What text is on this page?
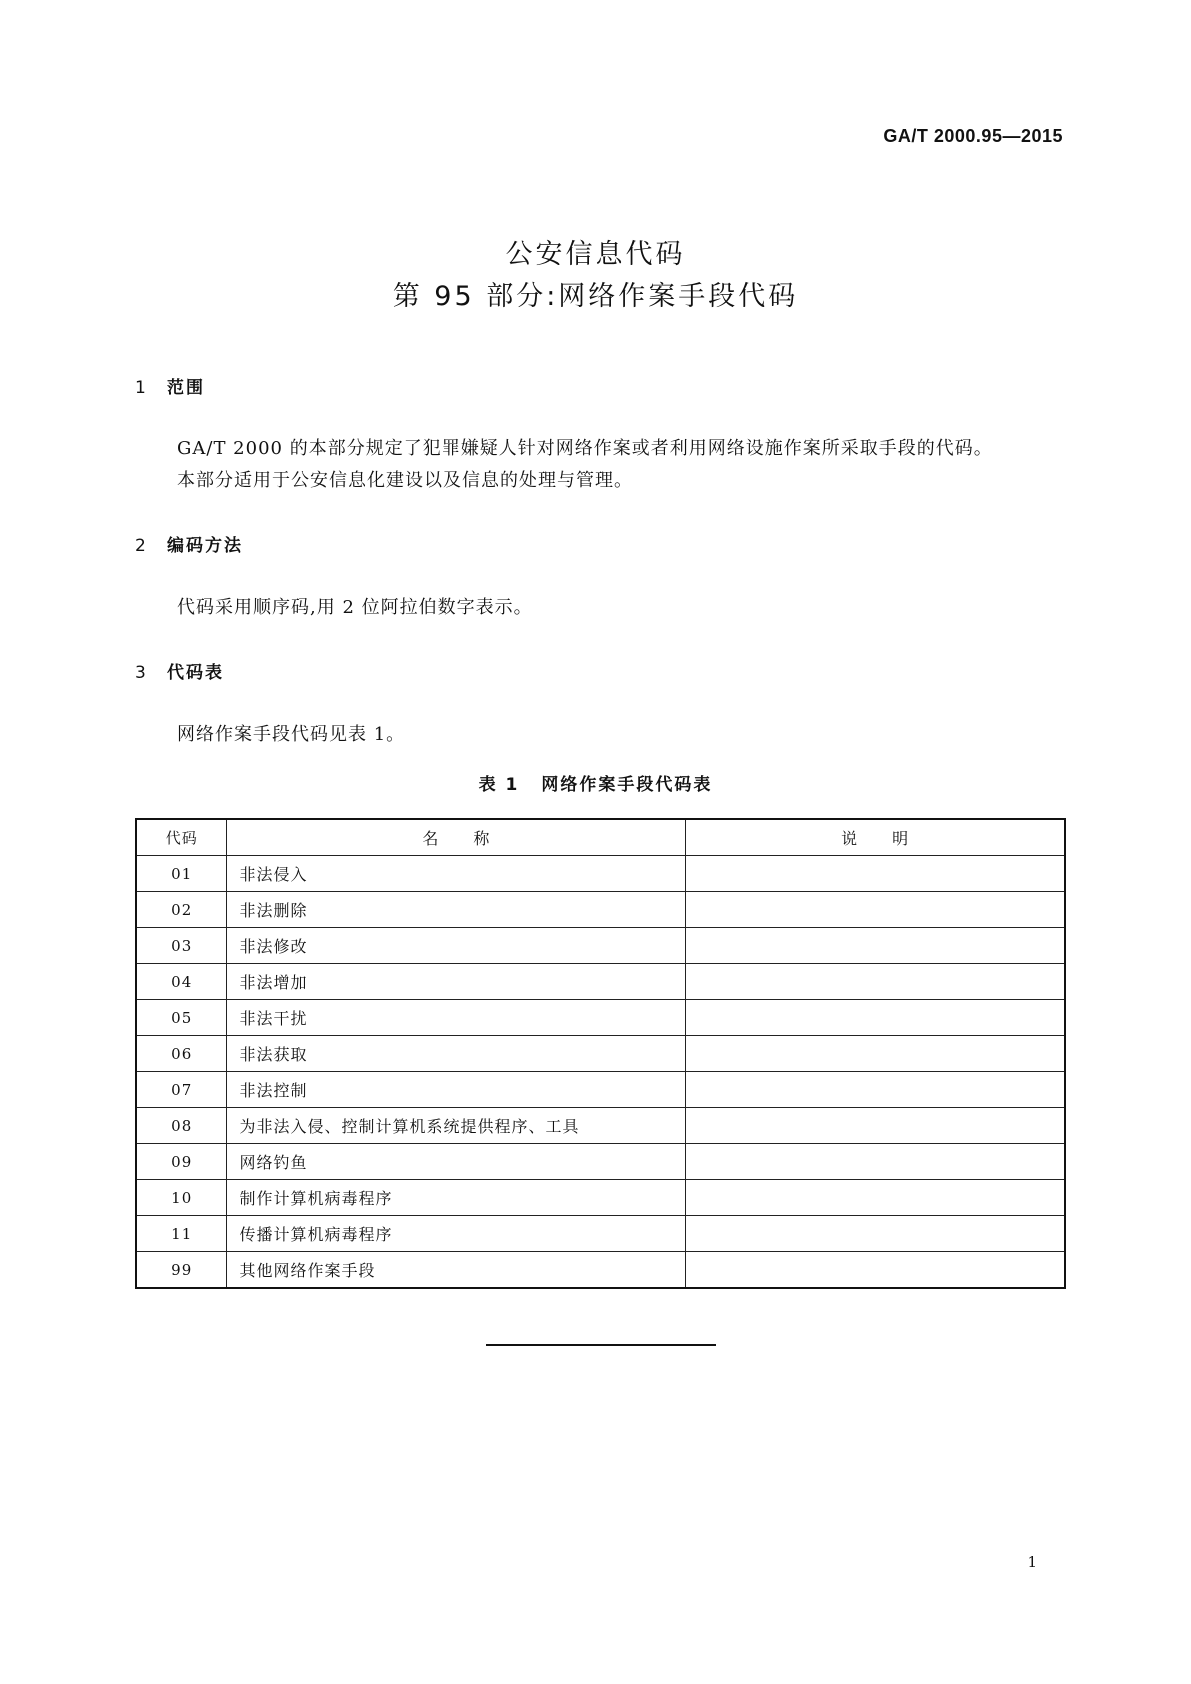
GA/T 2000.95—2015
公安信息代码
第 95 部分:网络作案手段代码
1 范围
GA/T 2000 的本部分规定了犯罪嫌疑人针对网络作案或者利用网络设施作案所采取手段的代码。
本部分适用于公安信息化建设以及信息的处理与管理。
2 编码方法
代码采用顺序码,用 2 位阿拉伯数字表示。
3 代码表
网络作案手段代码见表 1。
表 1 网络作案手段代码表
代码	名　　称	说　　明
01	非法侵入	
02	非法删除	
03	非法修改	
04	非法增加	
05	非法干扰	
06	非法获取	
07	非法控制	
08	为非法入侵、控制计算机系统提供程序、工具	
09	网络钓鱼	
10	制作计算机病毒程序	
11	传播计算机病毒程序	
99	其他网络作案手段	
1
